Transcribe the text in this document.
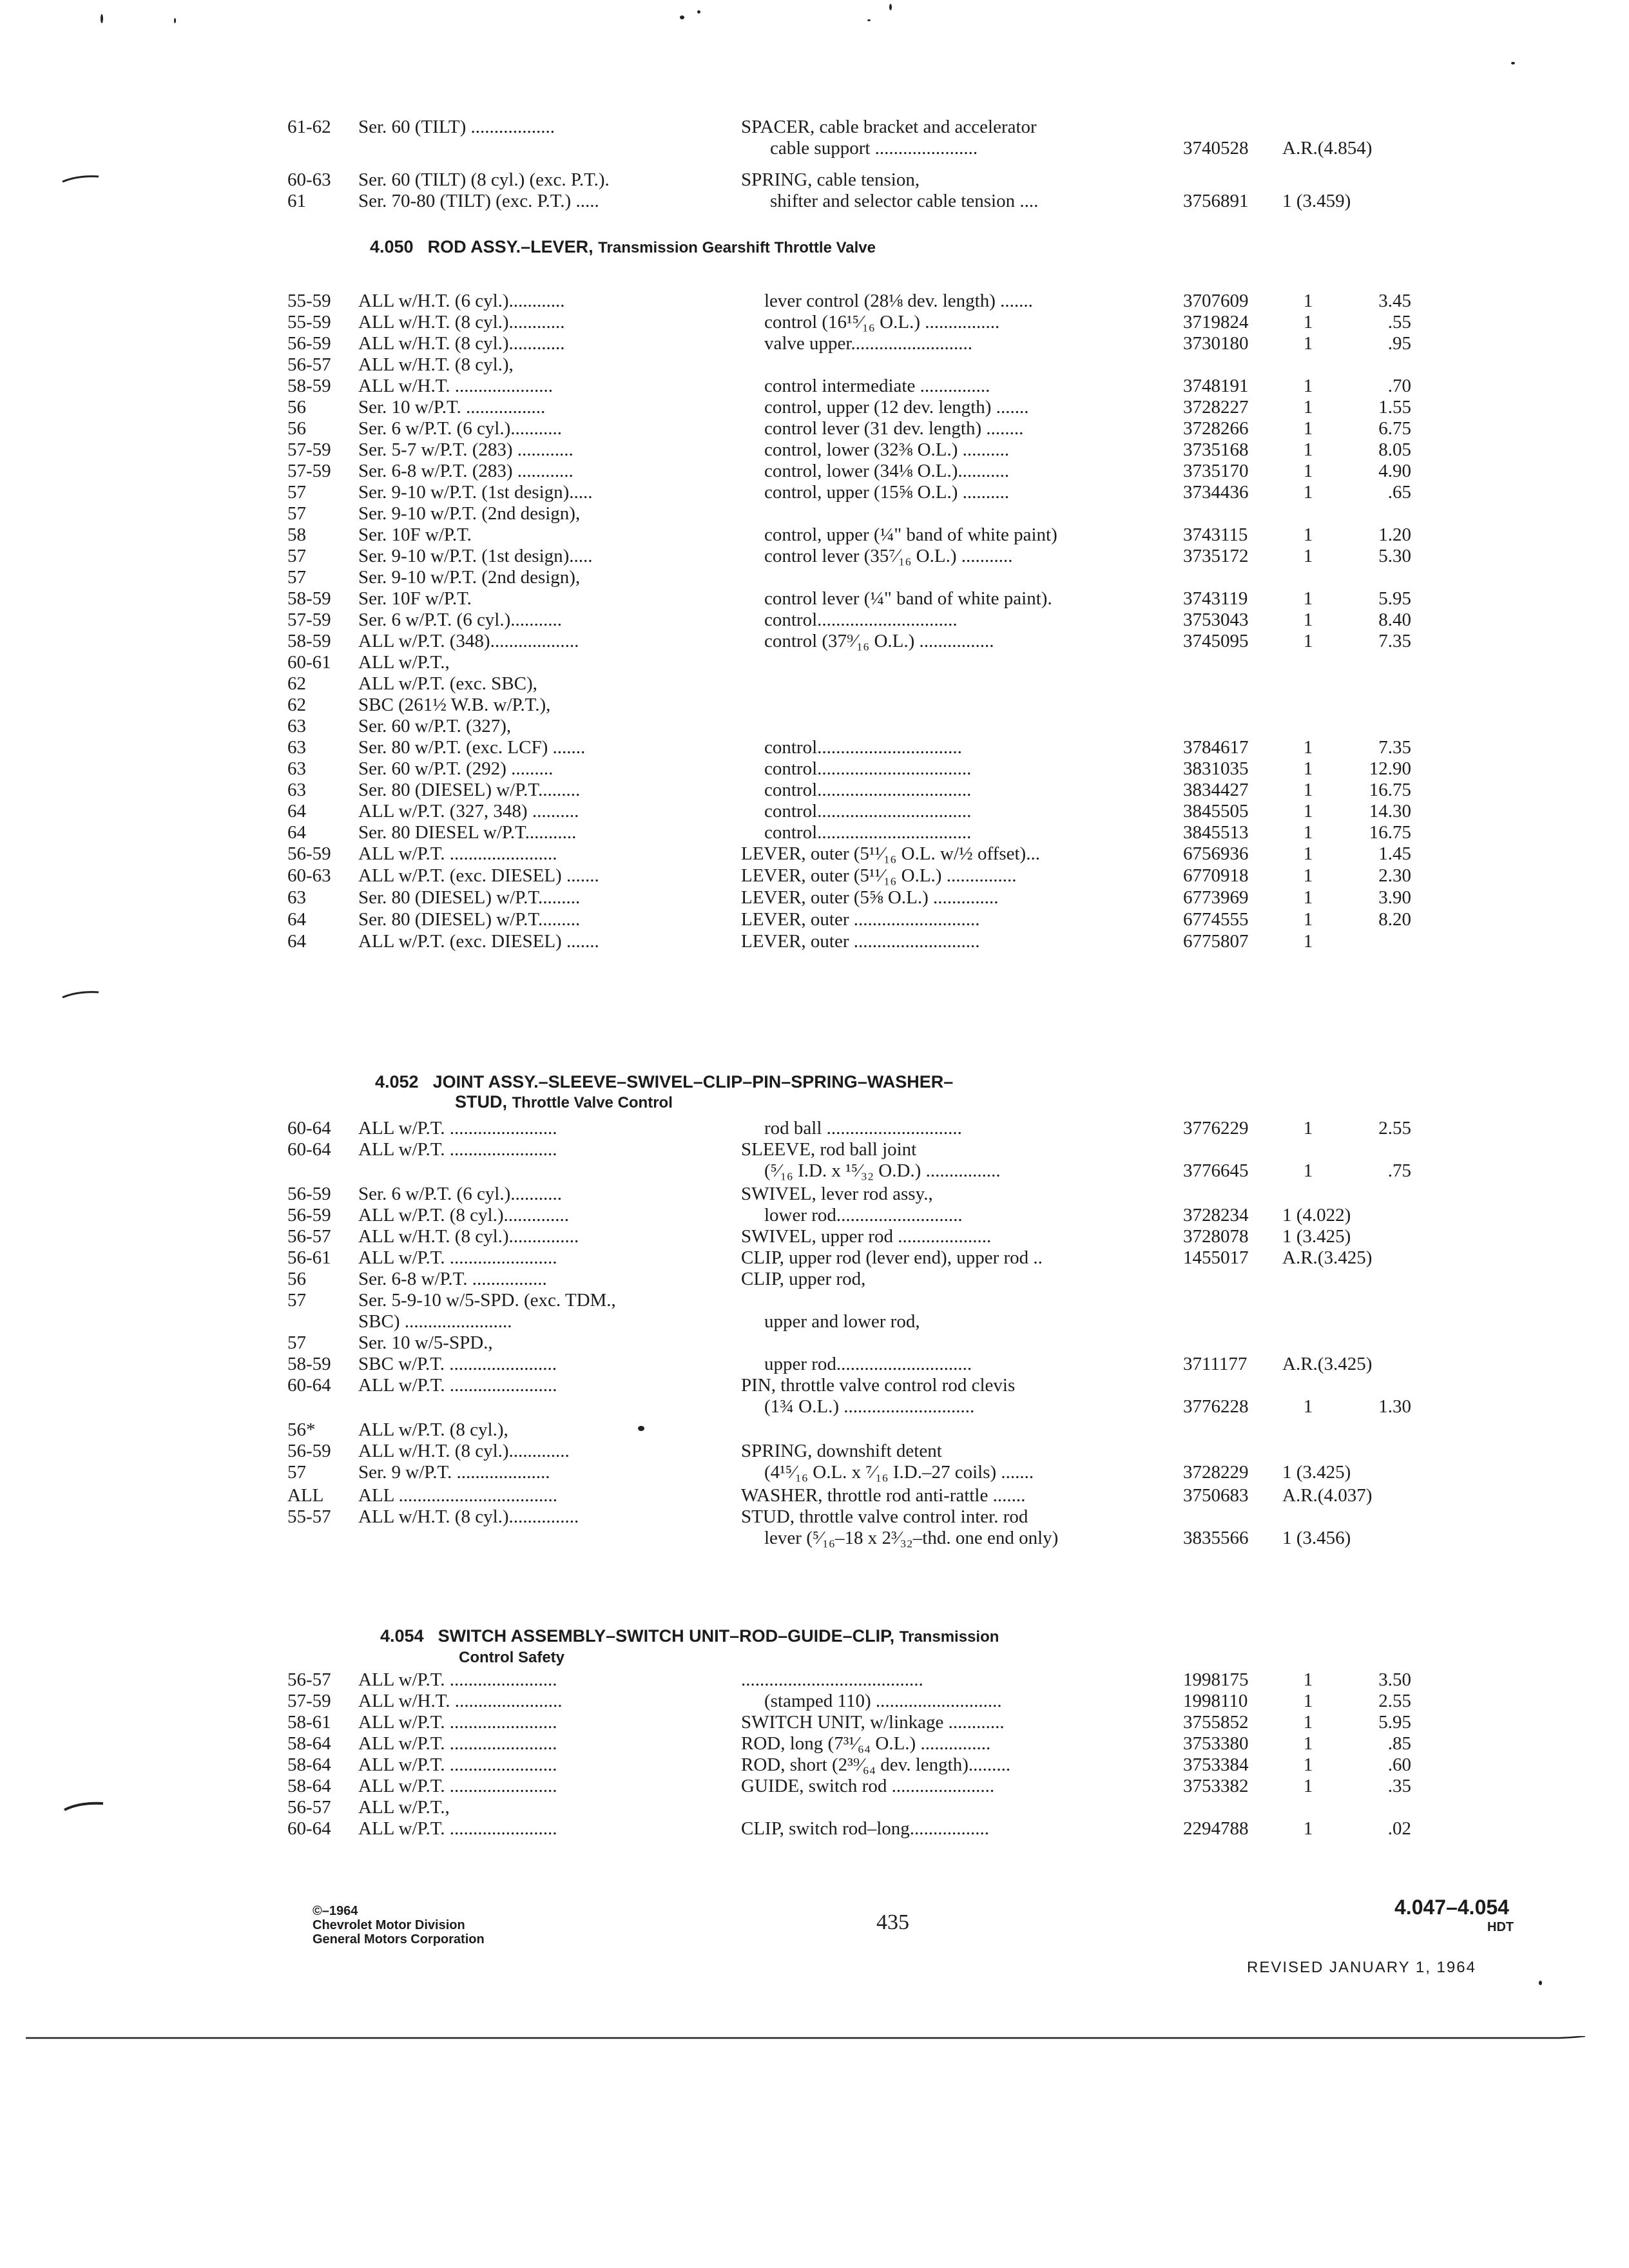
61-62	Ser. 60 (TILT) ..................	SPACER, cable bracket and accelerator
cable support ......................	3740528	A.R.(4.854)
60-63	Ser. 60 (TILT) (8 cyl.) (exc. P.T.).	SPRING, cable tension,
61	Ser. 70-80 (TILT) (exc. P.T.) .....	shifter and selector cable tension ....	3756891	1 (3.459)
4.050 ROD ASSY.–LEVER, Transmission Gearshift Throttle Valve
55-59	ALL w/H.T. (6 cyl.)............	lever control (28⅛ dev. length) .......	3707609	1	3.45
55-59	ALL w/H.T. (8 cyl.)............	control (16¹⁵⁄₁₆ O.L.) ................	3719824	1	.55
56-59	ALL w/H.T. (8 cyl.)............	valve upper..........................	3730180	1	.95
56-57	ALL w/H.T. (8 cyl.),
58-59	ALL w/H.T. .....................	control intermediate ...............	3748191	1	.70
56	Ser. 10 w/P.T. .................	control, upper (12 dev. length) .......	3728227	1	1.55
56	Ser. 6 w/P.T. (6 cyl.)...........	control lever (31 dev. length) ........	3728266	1	6.75
57-59	Ser. 5-7 w/P.T. (283) ............	control, lower (32⅜ O.L.) ..........	3735168	1	8.05
57-59	Ser. 6-8 w/P.T. (283) ............	control, lower (34⅛ O.L.)...........	3735170	1	4.90
57	Ser. 9-10 w/P.T. (1st design).....	control, upper (15⅝ O.L.) ..........	3734436	1	.65
57	Ser. 9-10 w/P.T. (2nd design),
58	Ser. 10F w/P.T.	control, upper (¼" band of white paint)	3743115	1	1.20
57	Ser. 9-10 w/P.T. (1st design).....	control lever (35⁷⁄₁₆ O.L.) ...........	3735172	1	5.30
57	Ser. 9-10 w/P.T. (2nd design),
58-59	Ser. 10F w/P.T.	control lever (¼" band of white paint).	3743119	1	5.95
57-59	Ser. 6 w/P.T. (6 cyl.)...........	control..............................	3753043	1	8.40
58-59	ALL w/P.T. (348)...................	control (37⁹⁄₁₆ O.L.) ................	3745095	1	7.35
60-61	ALL w/P.T.,
62	ALL w/P.T. (exc. SBC),
62	SBC (261½ W.B. w/P.T.),
63	Ser. 60 w/P.T. (327),
63	Ser. 80 w/P.T. (exc. LCF) .......	control...............................	3784617	1	7.35
63	Ser. 60 w/P.T. (292) .........	control.................................	3831035	1	12.90
63	Ser. 80 (DIESEL) w/P.T.........	control.................................	3834427	1	16.75
64	ALL w/P.T. (327, 348) ..........	control.................................	3845505	1	14.30
64	Ser. 80 DIESEL w/P.T...........	control.................................	3845513	1	16.75
56-59	ALL w/P.T. .......................	LEVER, outer (5¹¹⁄₁₆ O.L. w/½ offset)...	6756936	1	1.45
60-63	ALL w/P.T. (exc. DIESEL) .......	LEVER, outer (5¹¹⁄₁₆ O.L.) ...............	6770918	1	2.30
63	Ser. 80 (DIESEL) w/P.T.........	LEVER, outer (5⅝ O.L.) ..............	6773969	1	3.90
64	Ser. 80 (DIESEL) w/P.T.........	LEVER, outer ...........................	6774555	1	8.20
64	ALL w/P.T. (exc. DIESEL) .......	LEVER, outer ...........................	6775807	1
4.052 JOINT ASSY.–SLEEVE–SWIVEL–CLIP–PIN–SPRING–WASHER–
STUD, Throttle Valve Control
60-64	ALL w/P.T. .......................	rod ball .............................	3776229	1	2.55
60-64	ALL w/P.T. .......................	SLEEVE, rod ball joint
(⁵⁄₁₆ I.D. x ¹⁵⁄₃₂ O.D.) ................	3776645	1	.75
56-59	Ser. 6 w/P.T. (6 cyl.)...........	SWIVEL, lever rod assy.,
56-59	ALL w/P.T. (8 cyl.)..............	lower rod...........................	3728234	1 (4.022)
56-57	ALL w/H.T. (8 cyl.)...............	SWIVEL, upper rod ....................	3728078	1 (3.425)
56-61	ALL w/P.T. .......................	CLIP, upper rod (lever end), upper rod ..	1455017	A.R.(3.425)
56	Ser. 6-8 w/P.T. ................	CLIP, upper rod,
57	Ser. 5-9-10 w/5-SPD. (exc. TDM.,
SBC) .......................	upper and lower rod,
57	Ser. 10 w/5-SPD.,
58-59	SBC w/P.T. .......................	upper rod.............................	3711177	A.R.(3.425)
60-64	ALL w/P.T. .......................	PIN, throttle valve control rod clevis
(1¾ O.L.) ............................	3776228	1	1.30
56*	ALL w/P.T. (8 cyl.),
56-59	ALL w/H.T. (8 cyl.).............	SPRING, downshift detent
57	Ser. 9 w/P.T. ....................	(4¹⁵⁄₁₆ O.L. x ⁷⁄₁₆ I.D.–27 coils) .......	3728229	1 (3.425)
ALL	ALL ..................................	WASHER, throttle rod anti-rattle .......	3750683	A.R.(4.037)
55-57	ALL w/H.T. (8 cyl.)...............	STUD, throttle valve control inter. rod
lever (⁵⁄₁₆–18 x 2³⁄₃₂–thd. one end only)	3835566	1 (3.456)
4.054 SWITCH ASSEMBLY–SWITCH UNIT–ROD–GUIDE–CLIP, Transmission
Control Safety
56-57	ALL w/P.T. .......................	.......................................	1998175	1	3.50
57-59	ALL w/H.T. .......................	(stamped 110) ...........................	1998110	1	2.55
58-61	ALL w/P.T. .......................	SWITCH UNIT, w/linkage ............	3755852	1	5.95
58-64	ALL w/P.T. .......................	ROD, long (7³¹⁄₆₄ O.L.) ...............	3753380	1	.85
58-64	ALL w/P.T. .......................	ROD, short (2³⁹⁄₆₄ dev. length).........	3753384	1	.60
58-64	ALL w/P.T. .......................	GUIDE, switch rod ......................	3753382	1	.35
56-57	ALL w/P.T.,
60-64	ALL w/P.T. .......................	CLIP, switch rod–long.................	2294788	1	.02
©–1964
Chevrolet Motor Division
General Motors Corporation
435
4.047–4.054
HDT
REVISED JANUARY 1, 1964
